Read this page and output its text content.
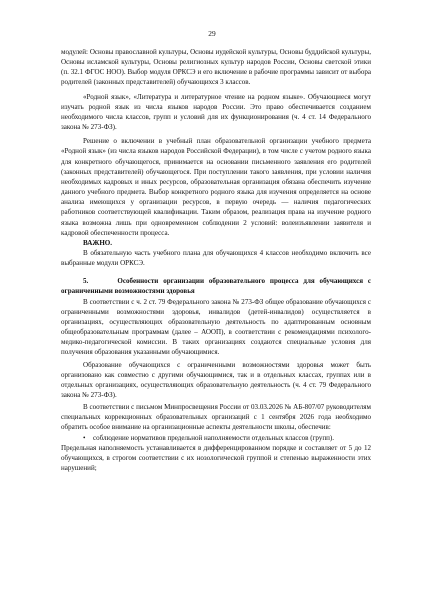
29

модулей: Основы православной культуры, Основы иудейской культуры, Основы буддийской культуры, Основы исламской культуры, Основы религиозных культур народов России, Основы светской этики (п. 32.1 ФГОС НОО). Выбор модуля ОРКСЭ и его включение в рабочие программы зависит от выбора родителей (законных представителей) обучающихся 3 классов.

«Родной язык», «Литература и литературное чтение на родном языке». Обучающиеся могут изучать родной язык из числа языков народов России. Это право обеспечивается созданием необходимого числа классов, групп и условий для их функционирования (ч. 4 ст. 14 Федерального закона № 273-ФЗ).

Решение о включении в учебный план образовательной организации учебного предмета «Родной язык» (из числа языков народов Российской Федерации), в том числе с учетом родного языка для конкретного обучающегося, принимается на основании письменного заявления его родителей (законных представителей) обучающегося. При поступлении такого заявления, при условии наличия необходимых кадровых и иных ресурсов, образовательная организация обязана обеспечить изучение данного учебного предмета. Выбор конкретного родного языка для изучения определяется на основе анализа имеющихся у организации ресурсов, в первую очередь — наличия педагогических работников соответствующей квалификации. Таким образом, реализация права на изучение родного языка возможна лишь при одновременном соблюдении 2 условий: волеизъявлении заявителя и кадровой обеспеченности процесса.

ВАЖНО.

В обязательную часть учебного плана для обучающихся 4 классов необходимо включить все выбранные модули ОРКСЭ.

5.	Особенности организации образовательного процесса для обучающихся с ограниченными возможностями здоровья

В соответствии с ч. 2 ст. 79 Федерального закона № 273-ФЗ общее образование обучающихся с ограниченными возможностями здоровья, инвалидов (детей-инвалидов) осуществляется в организациях, осуществляющих образовательную деятельность по адаптированным основным общеобразовательным программам (далее – АООП), в соответствии с рекомендациями психолого-медико-педагогической комиссии. В таких организациях создаются специальные условия для получения образования указанными обучающимися.

Образование обучающихся с ограниченными возможностями здоровья может быть организовано как совместно с другими обучающимися, так и в отдельных классах, группах или в отдельных организациях, осуществляющих образовательную деятельность (ч. 4 ст. 79 Федерального закона № 273-ФЗ).

В соответствии с письмом Минпросвещения России от 03.03.2026 № АБ-807/07 руководителям специальных коррекционных образовательных организаций с 1 сентября 2026 года необходимо обратить особое внимание на организационные аспекты деятельности школы, обеспечив:

• соблюдение нормативов предельной наполняемости отдельных классов (групп).

Предельная наполняемость устанавливается в дифференцированном порядке и составляет от 5 до 12 обучающихся, в строгом соответствии с их нозологической группой и степенью выраженности этих нарушений;
